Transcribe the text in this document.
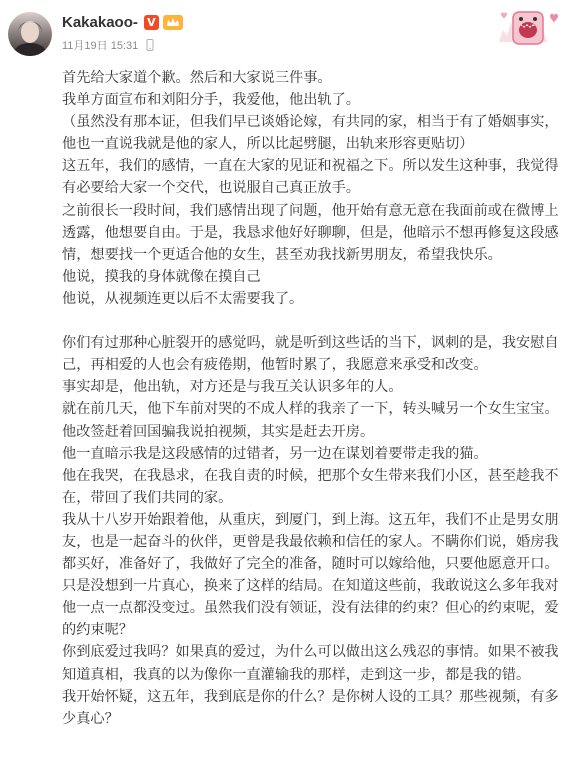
Kakakaoo- V
11月19日 15:31

首先给大家道个歉。然后和大家说三件事。

我单方面宣布和刘阳分手，我爱他，他出轨了。

（虽然没有那本证，但我们早已谈婚论嫁，有共同的家，相当于有了婚姻事实，他也一直说我就是他的家人，所以比起劈腿，出轨来形容更贴切）

这五年，我们的感情，一直在大家的见证和祝福之下。所以发生这种事，我觉得有必要给大家一个交代，也说服自己真正放手。

之前很长一段时间，我们感情出现了问题，他开始有意无意在我面前或在微博上透露，他想要自由。于是，我恳求他好好聊聊，但是，他暗示不想再修复这段感情，想要找一个更适合他的女生，甚至劝我找新男朋友，希望我快乐。

他说，摸我的身体就像在摸自己

他说，从视频连更以后不太需要我了。

你们有过那种心脏裂开的感觉吗，就是听到这些话的当下，讽刺的是，我安慰自己，再相爱的人也会有疲倦期，他暂时累了，我愿意来承受和改变。

事实却是，他出轨，对方还是与我互关认识多年的人。

就在前几天，他下车前对哭的不成人样的我亲了一下，转头喊另一个女生宝宝。

他改签赶着回国骗我说拍视频，其实是赶去开房。

他一直暗示我是这段感情的过错者，另一边在谋划着要带走我的猫。

他在我哭，在我恳求，在我自责的时候，把那个女生带来我们小区，甚至趁我不在，带回了我们共同的家。

我从十八岁开始跟着他，从重庆，到厦门，到上海。这五年，我们不止是男女朋友，也是一起奋斗的伙伴，更曾是我最依赖和信任的家人。不瞒你们说，婚房我都买好，准备好了，我做好了完全的准备，随时可以嫁给他，只要他愿意开口。

只是没想到一片真心，换来了这样的结局。在知道这些前，我敢说这么多年我对他一点一点都没变过。虽然我们没有领证，没有法律的约束？但心的约束呢，爱的约束呢？

你到底爱过我吗？如果真的爱过，为什么可以做出这么残忍的事情。如果不被我知道真相，我真的以为像你一直灌输我的那样，走到这一步，都是我的错。

我开始怀疑，这五年，我到底是你的什么？是你树人设的工具？那些视频，有多少真心？
